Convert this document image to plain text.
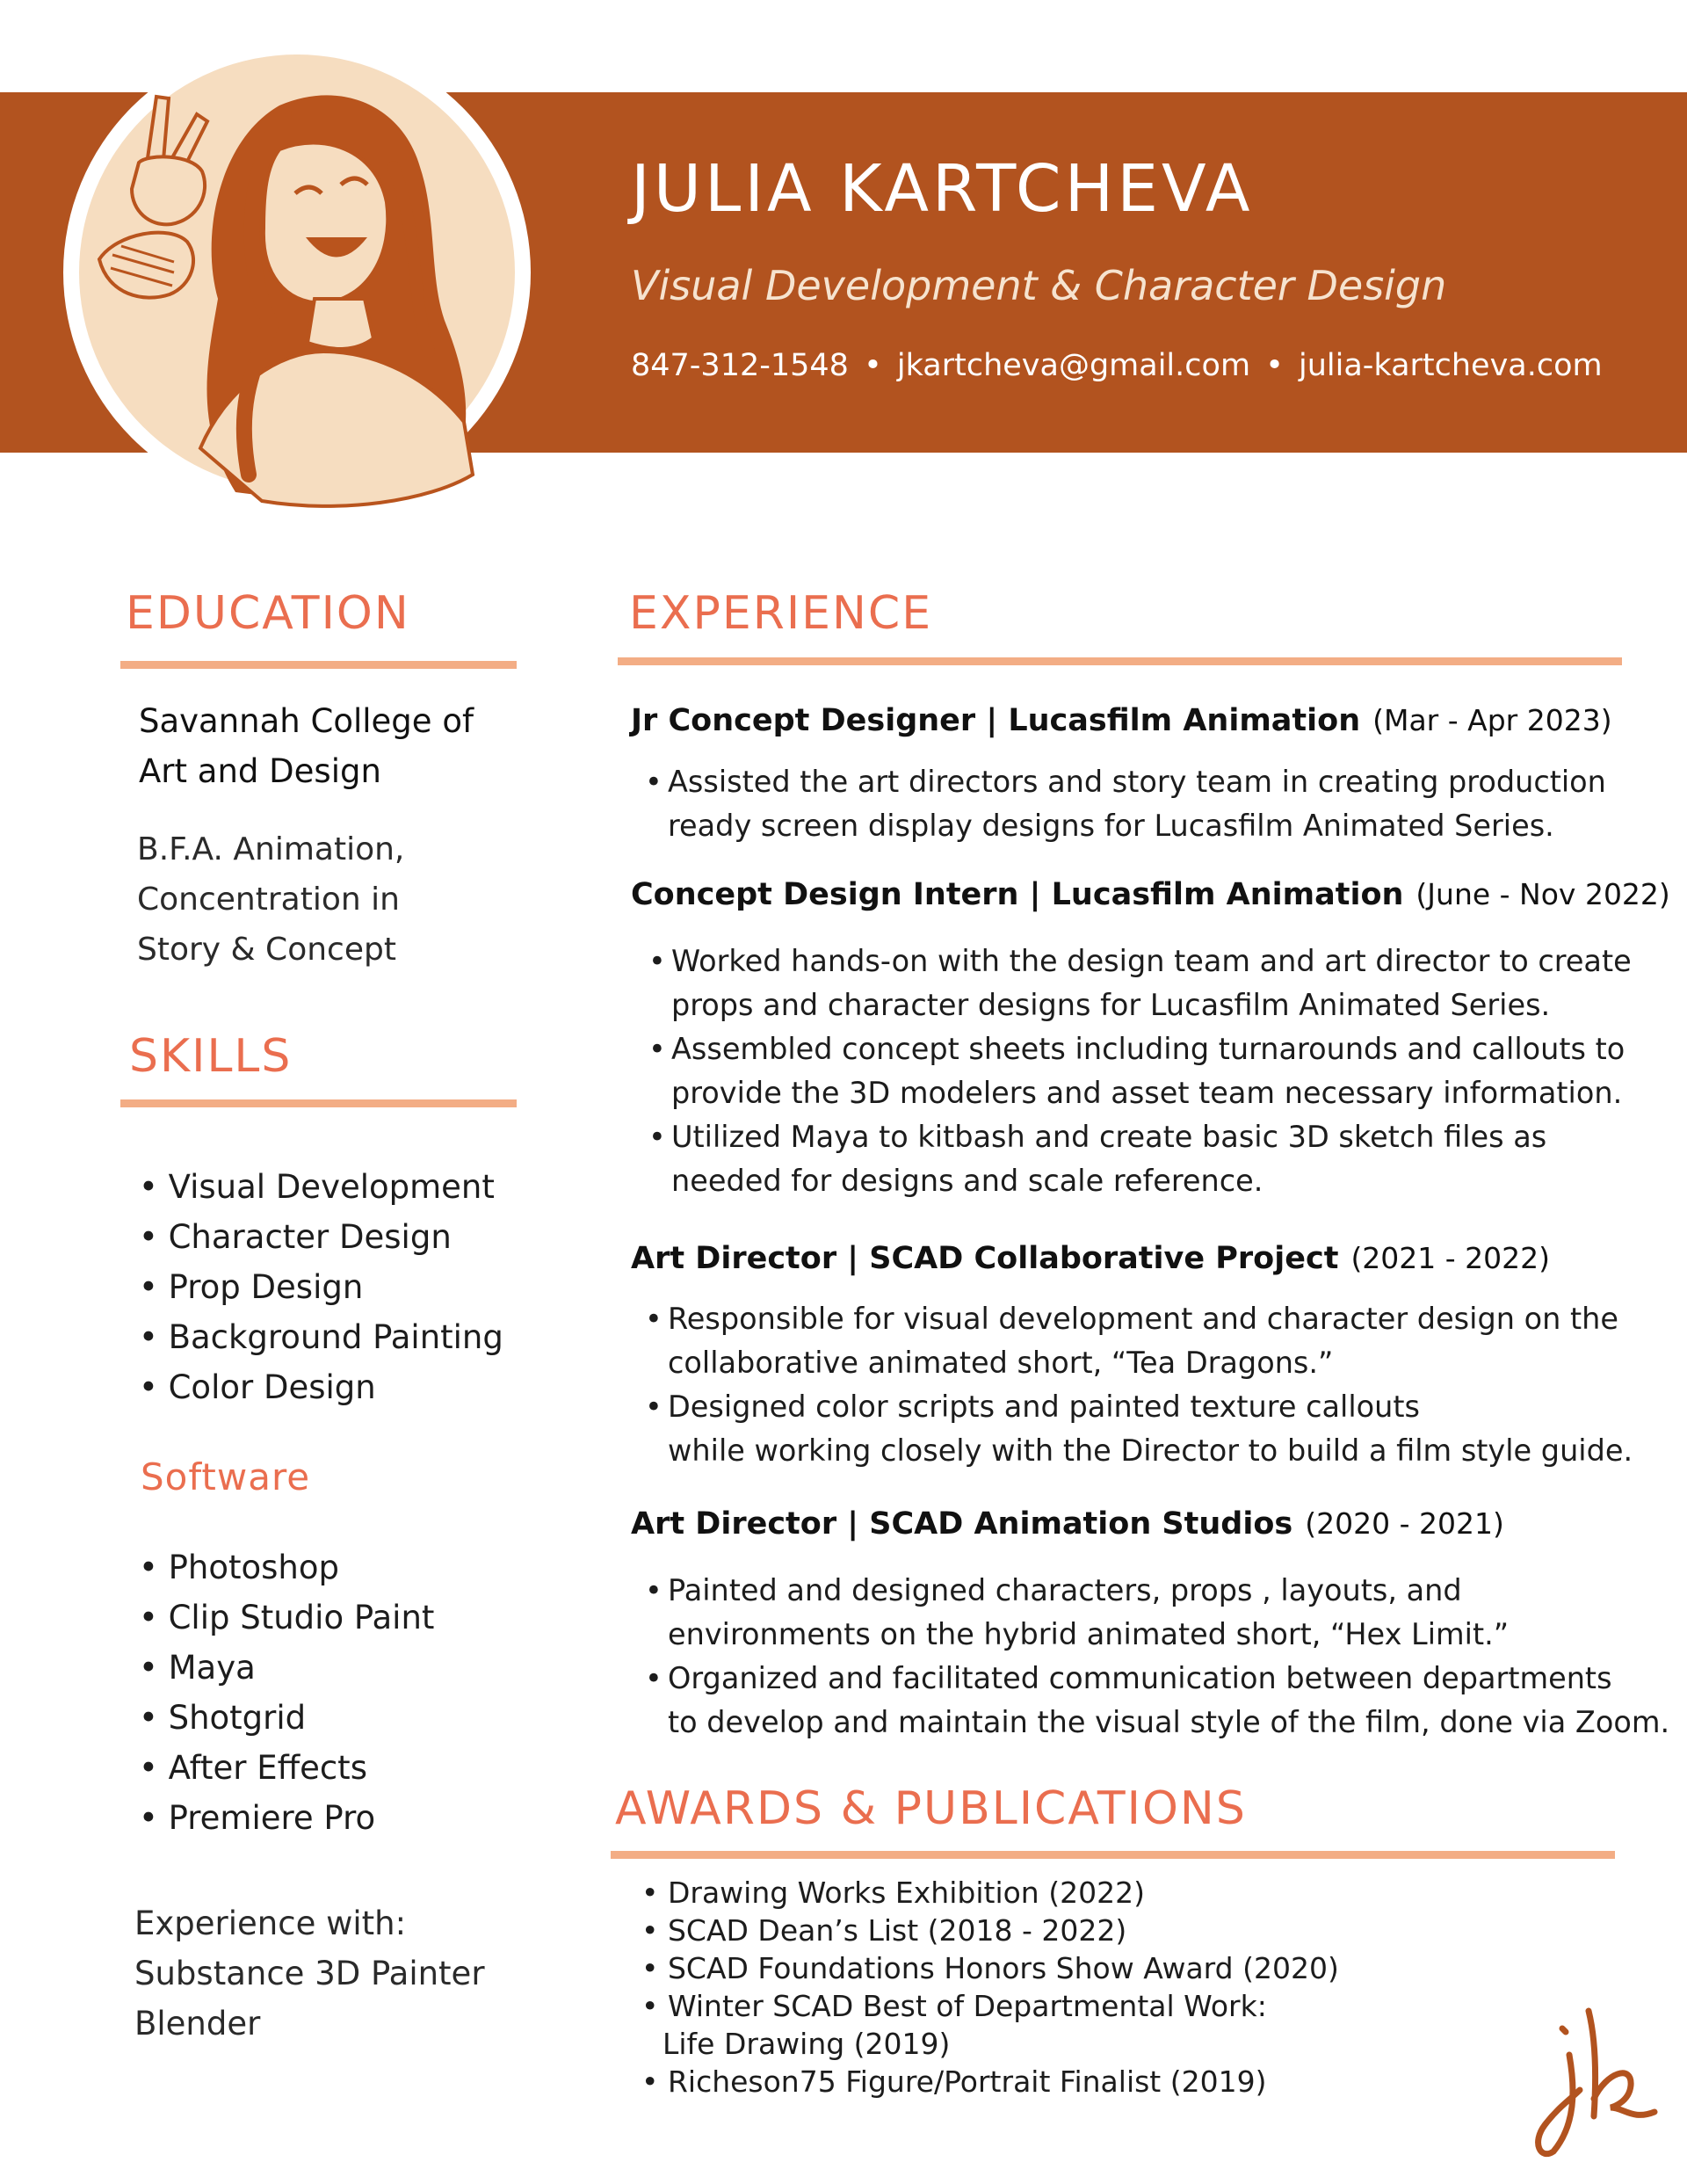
JULIA KARTCHEVA
Visual Development & Character Design
847-312-1548 • jkartcheva@gmail.com • julia-kartcheva.com
EDUCATION
Savannah College of
Art and Design
B.F.A. Animation,
Concentration in
Story & Concept
SKILLS
• Visual Development
• Character Design
• Prop Design
• Background Painting
• Color Design
Software
• Photoshop
• Clip Studio Paint
• Maya
• Shotgrid
• After Effects
• Premiere Pro
Experience with:
Substance 3D Painter
Blender
EXPERIENCE
Jr Concept Designer | Lucasfilm Animation (Mar - Apr 2023)
• Assisted the art directors and story team in creating production
ready screen display designs for Lucasfilm Animated Series.
Concept Design Intern | Lucasfilm Animation (June - Nov 2022)
• Worked hands-on with the design team and art director to create
props and character designs for Lucasfilm Animated Series.
• Assembled concept sheets including turnarounds and callouts to
provide the 3D modelers and asset team necessary information.
• Utilized Maya to kitbash and create basic 3D sketch files as
needed for designs and scale reference.
Art Director | SCAD Collaborative Project (2021 - 2022)
• Responsible for visual development and character design on the
collaborative animated short, “Tea Dragons.”
• Designed color scripts and painted texture callouts
while working closely with the Director to build a film style guide.
Art Director | SCAD Animation Studios (2020 - 2021)
• Painted and designed characters, props , layouts, and
environments on the hybrid animated short, “Hex Limit.”
• Organized and facilitated communication between departments
to develop and maintain the visual style of the film, done via Zoom.
AWARDS & PUBLICATIONS
• Drawing Works Exhibition (2022)
• SCAD Dean’s List (2018 - 2022)
• SCAD Foundations Honors Show Award (2020)
• Winter SCAD Best of Departmental Work:
Life Drawing (2019)
• Richeson75 Figure/Portrait Finalist (2019)
